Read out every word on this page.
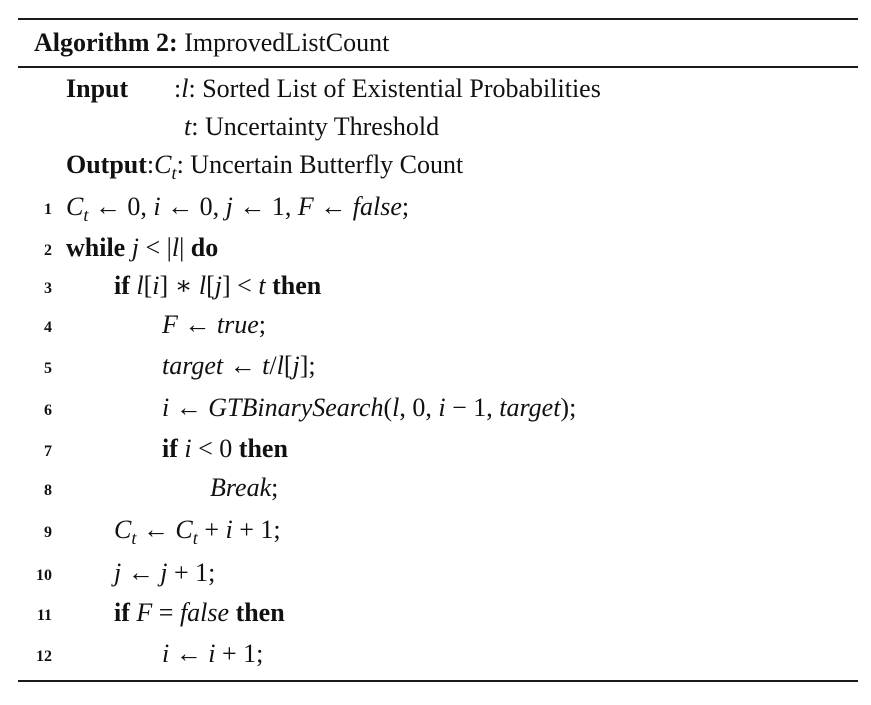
Algorithm 2: ImprovedListCount
Input :l: Sorted List of Existential Probabilities
t: Uncertainty Threshold
$Output:C_t$: Uncertain Butterfly Count
1 $C_t$ ← 0, i ← 0, j ← 1, F ← false;
2 while j < |l| do
3 if l[i] ∗ l[j] < t then
4	F ← true;
5	target ← t/l[j];
6	i ← GTBinarySearch(l, 0, i − 1, target);
7	if i < 0 then
8	Break;
9 $C_t$ ← $C_t + i + 1$;
10 j ← j + 1;
11 if F = false then
12	i ← i + 1;
